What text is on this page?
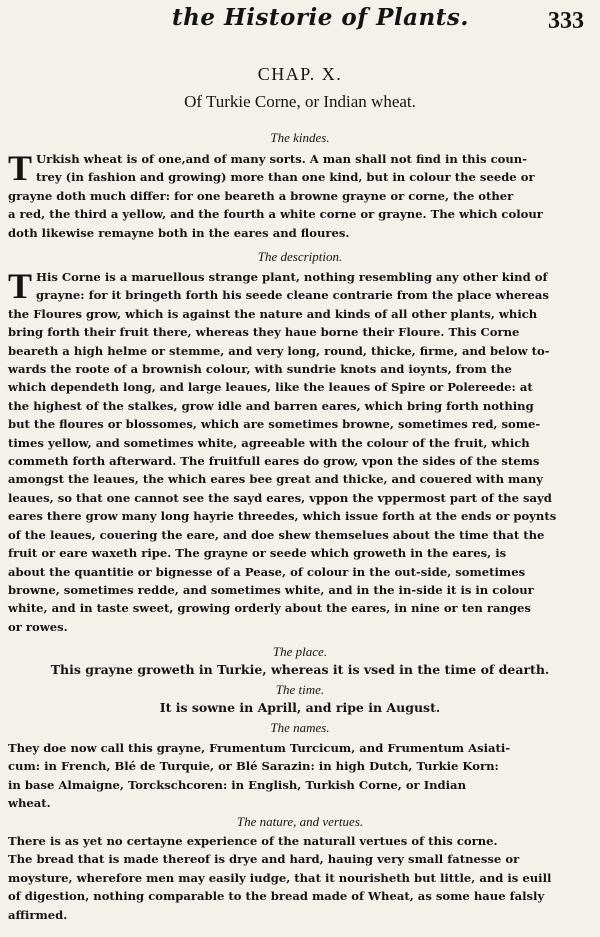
the Historie of Plants.	333
CHAP. X.
Of Turkie Corne, or Indian wheat.
The kindes.
T Urkish wheat is of one,and of many sorts. A man shall not find in this coun-
trey (in fashion and growing) more than one kind, but in colour the seede or
grayne doth much differ: for one beareth a browne grayne or corne, the other
a red, the third a yellow, and the fourth a white corne or grayne. The which colour
doth likewise remayne both in the eares and floures.
The description.
T His Corne is a maruellous strange plant, nothing resembling any other kind of
grayne: for it bringeth forth his seede cleane contrarie from the place whereas
the Floures grow, which is against the nature and kinds of all other plants, which
bring forth their fruit there, whereas they haue borne their Floure. This Corne
beareth a high helme or stemme, and very long, round, thicke, firme, and below to-
wards the roote of a brownish colour, with sundrie knots and ioynts, from the
which dependeth long, and large leaues, like the leaues of Spire or Polereede: at
the highest of the stalkes, grow idle and barren eares, which bring forth nothing
but the floures or blossomes, which are sometimes browne, sometimes red, some-
times yellow, and sometimes white, agreeable with the colour of the fruit, which
commeth forth afterward. The fruitfull eares do grow, vpon the sides of the stems
amongst the leaues, the which eares bee great and thicke, and couered with many
leaues, so that one cannot see the sayd eares, vppon the vppermost part of the sayd
eares there grow many long hayrie threedes, which issue forth at the ends or poynts
of the leaues, couering the eare, and doe shew themselues about the time that the
fruit or eare waxeth ripe. The grayne or seede which groweth in the eares, is
about the quantitie or bignesse of a Pease, of colour in the out-side, sometimes
browne, sometimes redde, and sometimes white, and in the in-side it is in colour
white, and in taste sweet, growing orderly about the eares, in nine or ten ranges
or rowes.
The place.
This grayne groweth in Turkie, whereas it is vsed in the time of dearth.
The time.
It is sowne in Aprill, and ripe in August.
The names.
They doe now call this grayne, Frumentum Turcicum, and Frumentum Asiati-
cum: in French, Blé de Turquie, or Blé Sarazin: in high Dutch, Turkie Korn:
in base Almaigne, Torckschcoren: in English, Turkish Corne, or Indian
wheat.
The nature, and vertues.
There is as yet no certayne experience of the naturall vertues of this corne.
The bread that is made thereof is drye and hard, hauing very small fatnesse or
moysture, wherefore men may easily iudge, that it nourisheth but little, and is euill
of digestion, nothing comparable to the bread made of Wheat, as some haue falsly
affirmed.
